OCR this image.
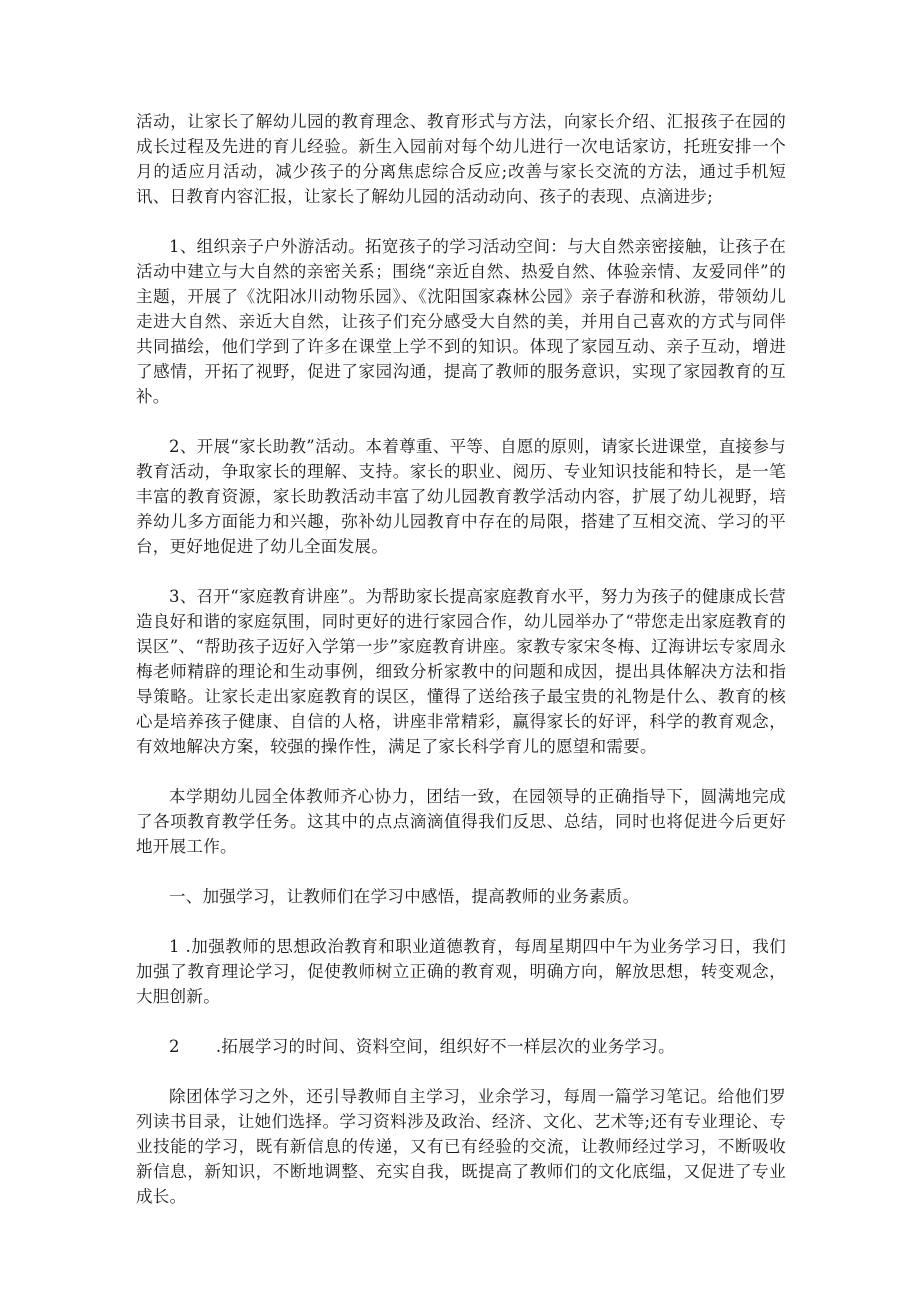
活动，让家长了解幼儿园的教育理念、教育形式与方法，向家长介绍、汇报孩子在园的成长过程及先进的育儿经验。新生入园前对每个幼儿进行一次电话家访，托班安排一个月的适应月活动，减少孩子的分离焦虑综合反应;改善与家长交流的方法，通过手机短讯、日教育内容汇报，让家长了解幼儿园的活动动向、孩子的表现、点滴进步;

1、组织亲子户外游活动。拓宽孩子的学习活动空间：与大自然亲密接触，让孩子在活动中建立与大自然的亲密关系；围绕“亲近自然、热爱自然、体验亲情、友爱同伴”的主题，开展了《沈阳冰川动物乐园》、《沈阳国家森林公园》亲子春游和秋游，带领幼儿走进大自然、亲近大自然，让孩子们充分感受大自然的美，并用自己喜欢的方式与同伴共同描绘，他们学到了许多在课堂上学不到的知识。体现了家园互动、亲子互动，增进了感情，开拓了视野，促进了家园沟通，提高了教师的服务意识，实现了家园教育的互补。

2、开展“家长助教”活动。本着尊重、平等、自愿的原则，请家长进课堂，直接参与教育活动，争取家长的理解、支持。家长的职业、阅历、专业知识技能和特长，是一笔丰富的教育资源，家长助教活动丰富了幼儿园教育教学活动内容，扩展了幼儿视野，培养幼儿多方面能力和兴趣，弥补幼儿园教育中存在的局限，搭建了互相交流、学习的平台，更好地促进了幼儿全面发展。

3、召开“家庭教育讲座”。为帮助家长提高家庭教育水平，努力为孩子的健康成长营造良好和谐的家庭氛围，同时更好的进行家园合作，幼儿园举办了“带您走出家庭教育的误区”、“帮助孩子迈好入学第一步”家庭教育讲座。家教专家宋冬梅、辽海讲坛专家周永梅老师精辟的理论和生动事例，细致分析家教中的问题和成因，提出具体解决方法和指导策略。让家长走出家庭教育的误区，懂得了送给孩子最宝贵的礼物是什么、教育的核心是培养孩子健康、自信的人格，讲座非常精彩，赢得家长的好评，科学的教育观念，有效地解决方案，较强的操作性，满足了家长科学育儿的愿望和需要。

本学期幼儿园全体教师齐心协力，团结一致，在园领导的正确指导下，圆满地完成了各项教育教学任务。这其中的点点滴滴值得我们反思、总结，同时也将促进今后更好地开展工作。

一、加强学习，让教师们在学习中感悟，提高教师的业务素质。

1 .加强教师的思想政治教育和职业道德教育，每周星期四中午为业务学习日，我们加强了教育理论学习，促使教师树立正确的教育观，明确方向，解放思想，转变观念，大胆创新。

2 .拓展学习的时间、资料空间，组织好不一样层次的业务学习。

除团体学习之外，还引导教师自主学习，业余学习，每周一篇学习笔记。给他们罗列读书目录，让她们选择。学习资料涉及政治、经济、文化、艺术等;还有专业理论、专业技能的学习，既有新信息的传递，又有已有经验的交流，让教师经过学习，不断吸收新信息，新知识，不断地调整、充实自我，既提高了教师们的文化底缊，又促进了专业成长。
